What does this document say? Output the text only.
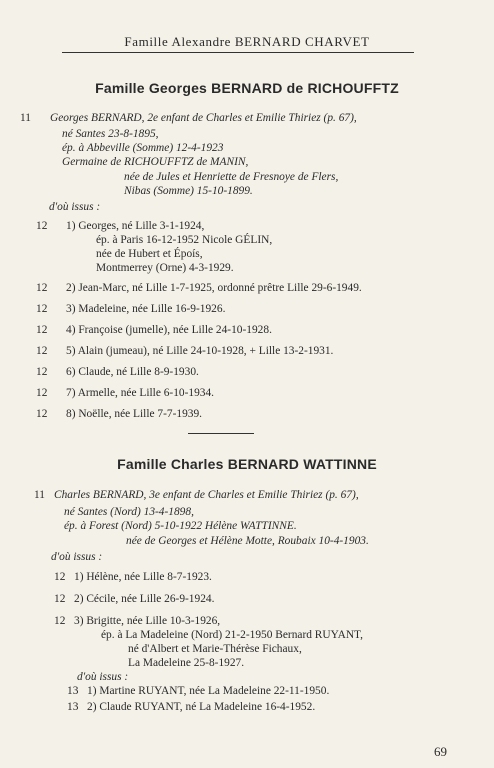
Famille Alexandre BERNARD CHARVET
Famille Georges BERNARD de RICHOUFFTZ
11 Georges BERNARD, 2e enfant de Charles et Emilie Thiriez (p. 67),
né Santes 23-8-1895,
ép. à Abbeville (Somme) 12-4-1923
Germaine de RICHOUFFTZ de MANIN,
née de Jules et Henriette de Fresnoye de Flers,
Nibas (Somme) 15-10-1899.
d'où issus :
12 1) Georges, né Lille 3-1-1924,
ép. à Paris 16-12-1952 Nicole GÉLIN,
née de Hubert et Époís,
Montmerrey (Orne) 4-3-1929.
12 2) Jean-Marc, né Lille 1-7-1925, ordonné prêtre Lille 29-6-1949.
12 3) Madeleine, née Lille 16-9-1926.
12 4) Françoise (jumelle), née Lille 24-10-1928.
12 5) Alain (jumeau), né Lille 24-10-1928, + Lille 13-2-1931.
12 6) Claude, né Lille 8-9-1930.
12 7) Armelle, née Lille 6-10-1934.
12 8) Noëlle, née Lille 7-7-1939.
Famille Charles BERNARD WATTINNE
11 Charles BERNARD, 3e enfant de Charles et Emilie Thiriez (p. 67),
né Santes (Nord) 13-4-1898,
ép. à Forest (Nord) 5-10-1922 Hélène WATTINNE.
née de Georges et Hélène Motte, Roubaix 10-4-1903.
d'où issus :
12 1) Hélène, née Lille 8-7-1923.
12 2) Cécile, née Lille 26-9-1924.
12 3) Brigitte, née Lille 10-3-1926,
ép. à La Madeleine (Nord) 21-2-1950 Bernard RUYANT,
né d'Albert et Marie-Thérèse Fichaux,
La Madeleine 25-8-1927.
d'où issus :
13 1) Martine RUYANT, née La Madeleine 22-11-1950.
13 2) Claude RUYANT, né La Madeleine 16-4-1952.
69
